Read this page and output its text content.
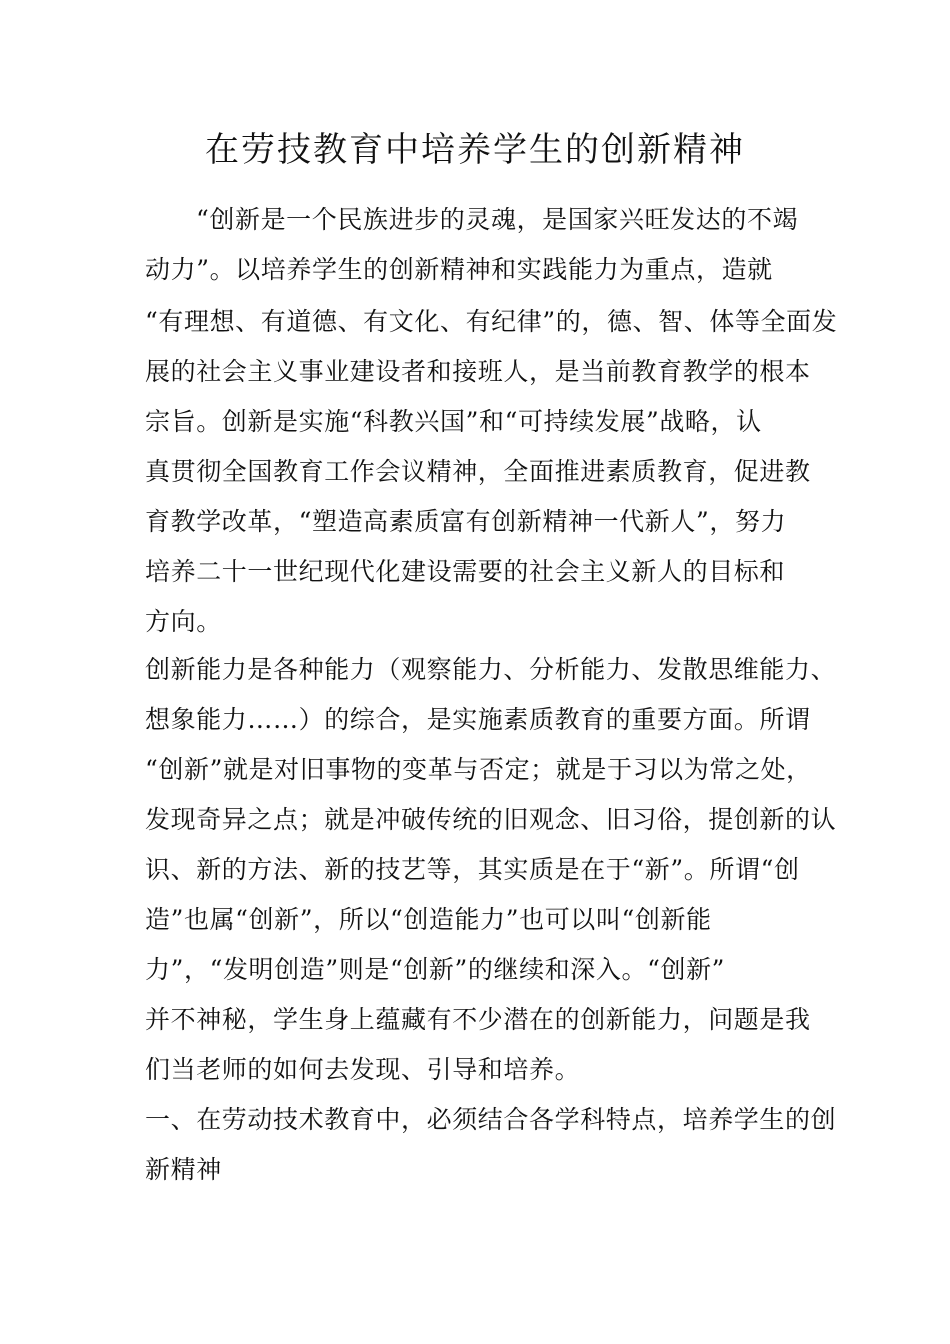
在劳技教育中培养学生的创新精神
“创新是一个民族进步的灵魂，是国家兴旺发达的不竭
动力”。以培养学生的创新精神和实践能力为重点，造就
“有理想、有道德、有文化、有纪律”的，德、智、体等全面发
展的社会主义事业建设者和接班人，是当前教育教学的根本
宗旨。创新是实施“科教兴国”和“可持续发展”战略，认
真贯彻全国教育工作会议精神，全面推进素质教育，促进教
育教学改革，“塑造高素质富有创新精神一代新人”，努力
培养二十一世纪现代化建设需要的社会主义新人的目标和
方向。
创新能力是各种能力（观察能力、分析能力、发散思维能力、
想象能力……）的综合，是实施素质教育的重要方面。所谓
“创新”就是对旧事物的变革与否定；就是于习以为常之处，
发现奇异之点；就是冲破传统的旧观念、旧习俗，提创新的认
识、新的方法、新的技艺等，其实质是在于“新”。所谓“创
造”也属“创新”，所以“创造能力”也可以叫“创新能
力”，“发明创造”则是“创新”的继续和深入。“创新”
并不神秘，学生身上蕴藏有不少潜在的创新能力，问题是我
们当老师的如何去发现、引导和培养。
一、在劳动技术教育中，必须结合各学科特点，培养学生的创
新精神
